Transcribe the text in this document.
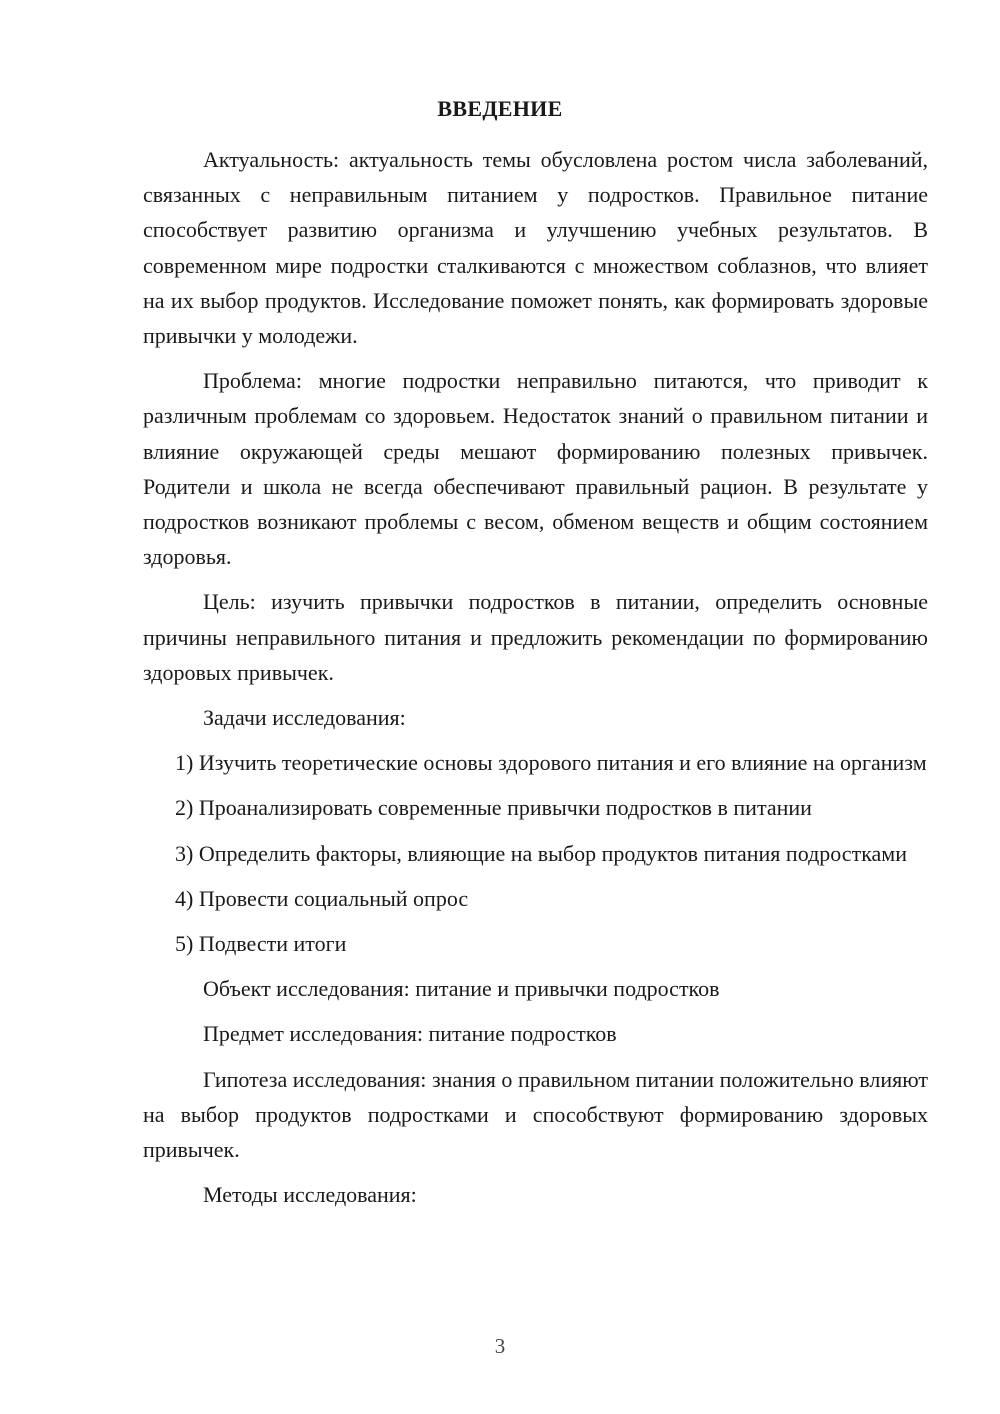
ВВЕДЕНИЕ

Актуальность: актуальность темы обусловлена ростом числа заболеваний, связанных с неправильным питанием у подростков. Правильное питание способствует развитию организма и улучшению учебных результатов. В современном мире подростки сталкиваются с множеством соблазнов, что влияет на их выбор продуктов. Исследование поможет понять, как формировать здоровые привычки у молодежи.

Проблема: многие подростки неправильно питаются, что приводит к различным проблемам со здоровьем. Недостаток знаний о правильном питании и влияние окружающей среды мешают формированию полезных привычек. Родители и школа не всегда обеспечивают правильный рацион. В результате у подростков возникают проблемы с весом, обменом веществ и общим состоянием здоровья.

Цель: изучить привычки подростков в питании, определить основные причины неправильного питания и предложить рекомендации по формированию здоровых привычек.

Задачи исследования:

1) Изучить теоретические основы здорового питания и его влияние на организм

2) Проанализировать современные привычки подростков в питании

3) Определить факторы, влияющие на выбор продуктов питания подростками

4) Провести социальный опрос

5) Подвести итоги

Объект исследования: питание и привычки подростков

Предмет исследования: питание подростков

Гипотеза исследования: знания о правильном питании положительно влияют на выбор продуктов подростками и способствуют формированию здоровых привычек.

Методы исследования:

3
